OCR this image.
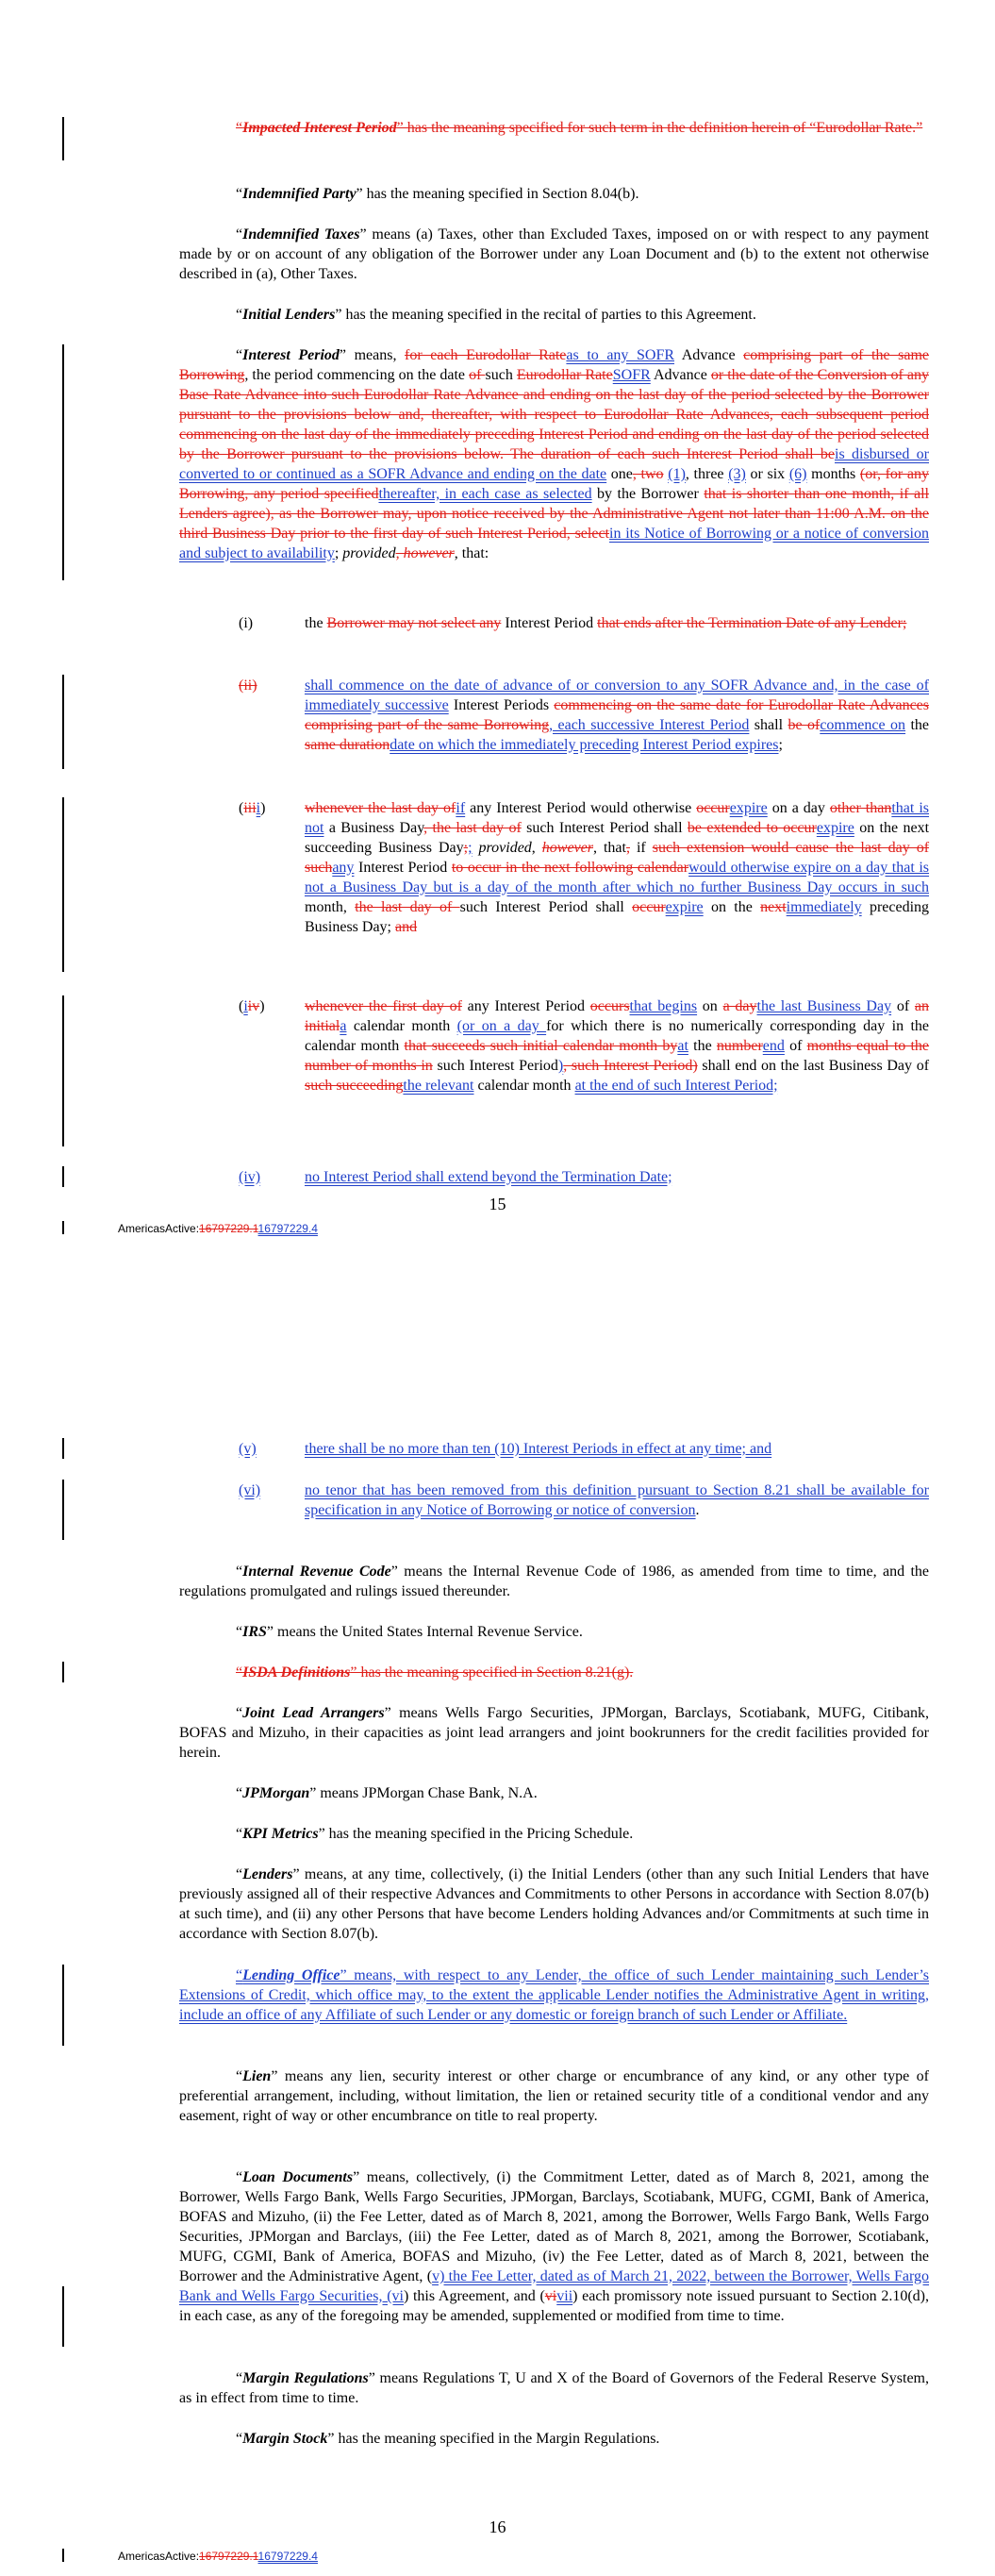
“Impacted Interest Period” has the meaning specified for such term in the definition herein of “Eurodollar Rate.”
“Indemnified Party” has the meaning specified in Section 8.04(b).
“Indemnified Taxes” means (a) Taxes, other than Excluded Taxes, imposed on or with respect to any payment made by or on account of any obligation of the Borrower under any Loan Document and (b) to the extent not otherwise described in (a), Other Taxes.
“Initial Lenders” has the meaning specified in the recital of parties to this Agreement.
“Interest Period” means, for each Eurodollar Rateas to any SOFR Advance comprising part of the same Borrowing, the period commencing on the date of such Eurodollar RateSOFR Advance or the date of the Conversion of any Base Rate Advance into such Eurodollar Rate Advance and ending on the last day of the period selected by the Borrower pursuant to the provisions below and, thereafter, with respect to Eurodollar Rate Advances, each subsequent period commencing on the last day of the immediately preceding Interest Period and ending on the last day of the period selected by the Borrower pursuant to the provisions below. The duration of each such Interest Period shall beis disbursed or converted to or continued as a SOFR Advance and ending on the date one, two (1), three (3) or six (6) months (or, for any Borrowing, any period specifiedthereafter, in each case as selected by the Borrower that is shorter than one month, if all Lenders agree), as the Borrower may, upon notice received by the Administrative Agent not later than 11:00 A.M. on the third Business Day prior to the first day of such Interest Period, selectin its Notice of Borrowing or a notice of conversion and subject to availability; provided, however, that:
(i)	the Borrower may not select any Interest Period that ends after the Termination Date of any Lender;
(ii)	shall commence on the date of advance of or conversion to any SOFR Advance and, in the case of immediately successive Interest Periods commencing on the same date for Eurodollar Rate Advances comprising part of the same Borrowing, each successive Interest Period shall be ofcommence on the same durationdate on which the immediately preceding Interest Period expires;
(iiii)	whenever the last day ofif any Interest Period would otherwise occurexpire on a day other thanthat is not a Business Day, the last day of such Interest Period shall be extended to occurexpire on the next succeeding Business Day;; provided, however, that, if such extension would cause the last day of suchany Interest Period to occur in the next following calendarwould otherwise expire on a day that is not a Business Day but is a day of the month after which no further Business Day occurs in such month, the last day of such Interest Period shall occurexpire on the nextimmediately preceding Business Day; and
(iiv)	whenever the first day of any Interest Period occursthat begins on a daythe last Business Day of an initiala calendar month (or on a day for which there is no numerically corresponding day in the calendar month that succeeds such initial calendar month byat the numberend of months equal to the number of months in such Interest Period), such Interest Period) shall end on the last Business Day of such succeedingthe relevant calendar month at the end of such Interest Period;
(iv)	no Interest Period shall extend beyond the Termination Date;
15
AmericasActive:16797229.116797229.4
(v)	there shall be no more than ten (10) Interest Periods in effect at any time; and
(vi)	no tenor that has been removed from this definition pursuant to Section 8.21 shall be available for specification in any Notice of Borrowing or notice of conversion.
“Internal Revenue Code” means the Internal Revenue Code of 1986, as amended from time to time, and the regulations promulgated and rulings issued thereunder.
“IRS” means the United States Internal Revenue Service.
“ISDA Definitions” has the meaning specified in Section 8.21(g).
“Joint Lead Arrangers” means Wells Fargo Securities, JPMorgan, Barclays, Scotiabank, MUFG, Citibank, BOFAS and Mizuho, in their capacities as joint lead arrangers and joint bookrunners for the credit facilities provided for herein.
“JPMorgan” means JPMorgan Chase Bank, N.A.
“KPI Metrics” has the meaning specified in the Pricing Schedule.
“Lenders” means, at any time, collectively, (i) the Initial Lenders (other than any such Initial Lenders that have previously assigned all of their respective Advances and Commitments to other Persons in accordance with Section 8.07(b) at such time), and (ii) any other Persons that have become Lenders holding Advances and/or Commitments at such time in accordance with Section 8.07(b).
“Lending Office” means, with respect to any Lender, the office of such Lender maintaining such Lender’s Extensions of Credit, which office may, to the extent the applicable Lender notifies the Administrative Agent in writing, include an office of any Affiliate of such Lender or any domestic or foreign branch of such Lender or Affiliate.
“Lien” means any lien, security interest or other charge or encumbrance of any kind, or any other type of preferential arrangement, including, without limitation, the lien or retained security title of a conditional vendor and any easement, right of way or other encumbrance on title to real property.
“Loan Documents” means, collectively, (i) the Commitment Letter, dated as of March 8, 2021, among the Borrower, Wells Fargo Bank, Wells Fargo Securities, JPMorgan, Barclays, Scotiabank, MUFG, CGMI, Bank of America, BOFAS and Mizuho, (ii) the Fee Letter, dated as of March 8, 2021, among the Borrower, Wells Fargo Bank, Wells Fargo Securities, JPMorgan and Barclays, (iii) the Fee Letter, dated as of March 8, 2021, among the Borrower, Scotiabank, MUFG, CGMI, Bank of America, BOFAS and Mizuho, (iv) the Fee Letter, dated as of March 8, 2021, between the Borrower and the Administrative Agent, (v) the Fee Letter, dated as of March 21, 2022, between the Borrower, Wells Fargo Bank and Wells Fargo Securities, (vi) this Agreement, and (vivii) each promissory note issued pursuant to Section 2.10(d), in each case, as any of the foregoing may be amended, supplemented or modified from time to time.
“Margin Regulations” means Regulations T, U and X of the Board of Governors of the Federal Reserve System, as in effect from time to time.
“Margin Stock” has the meaning specified in the Margin Regulations.
16
AmericasActive:16797229.116797229.4
